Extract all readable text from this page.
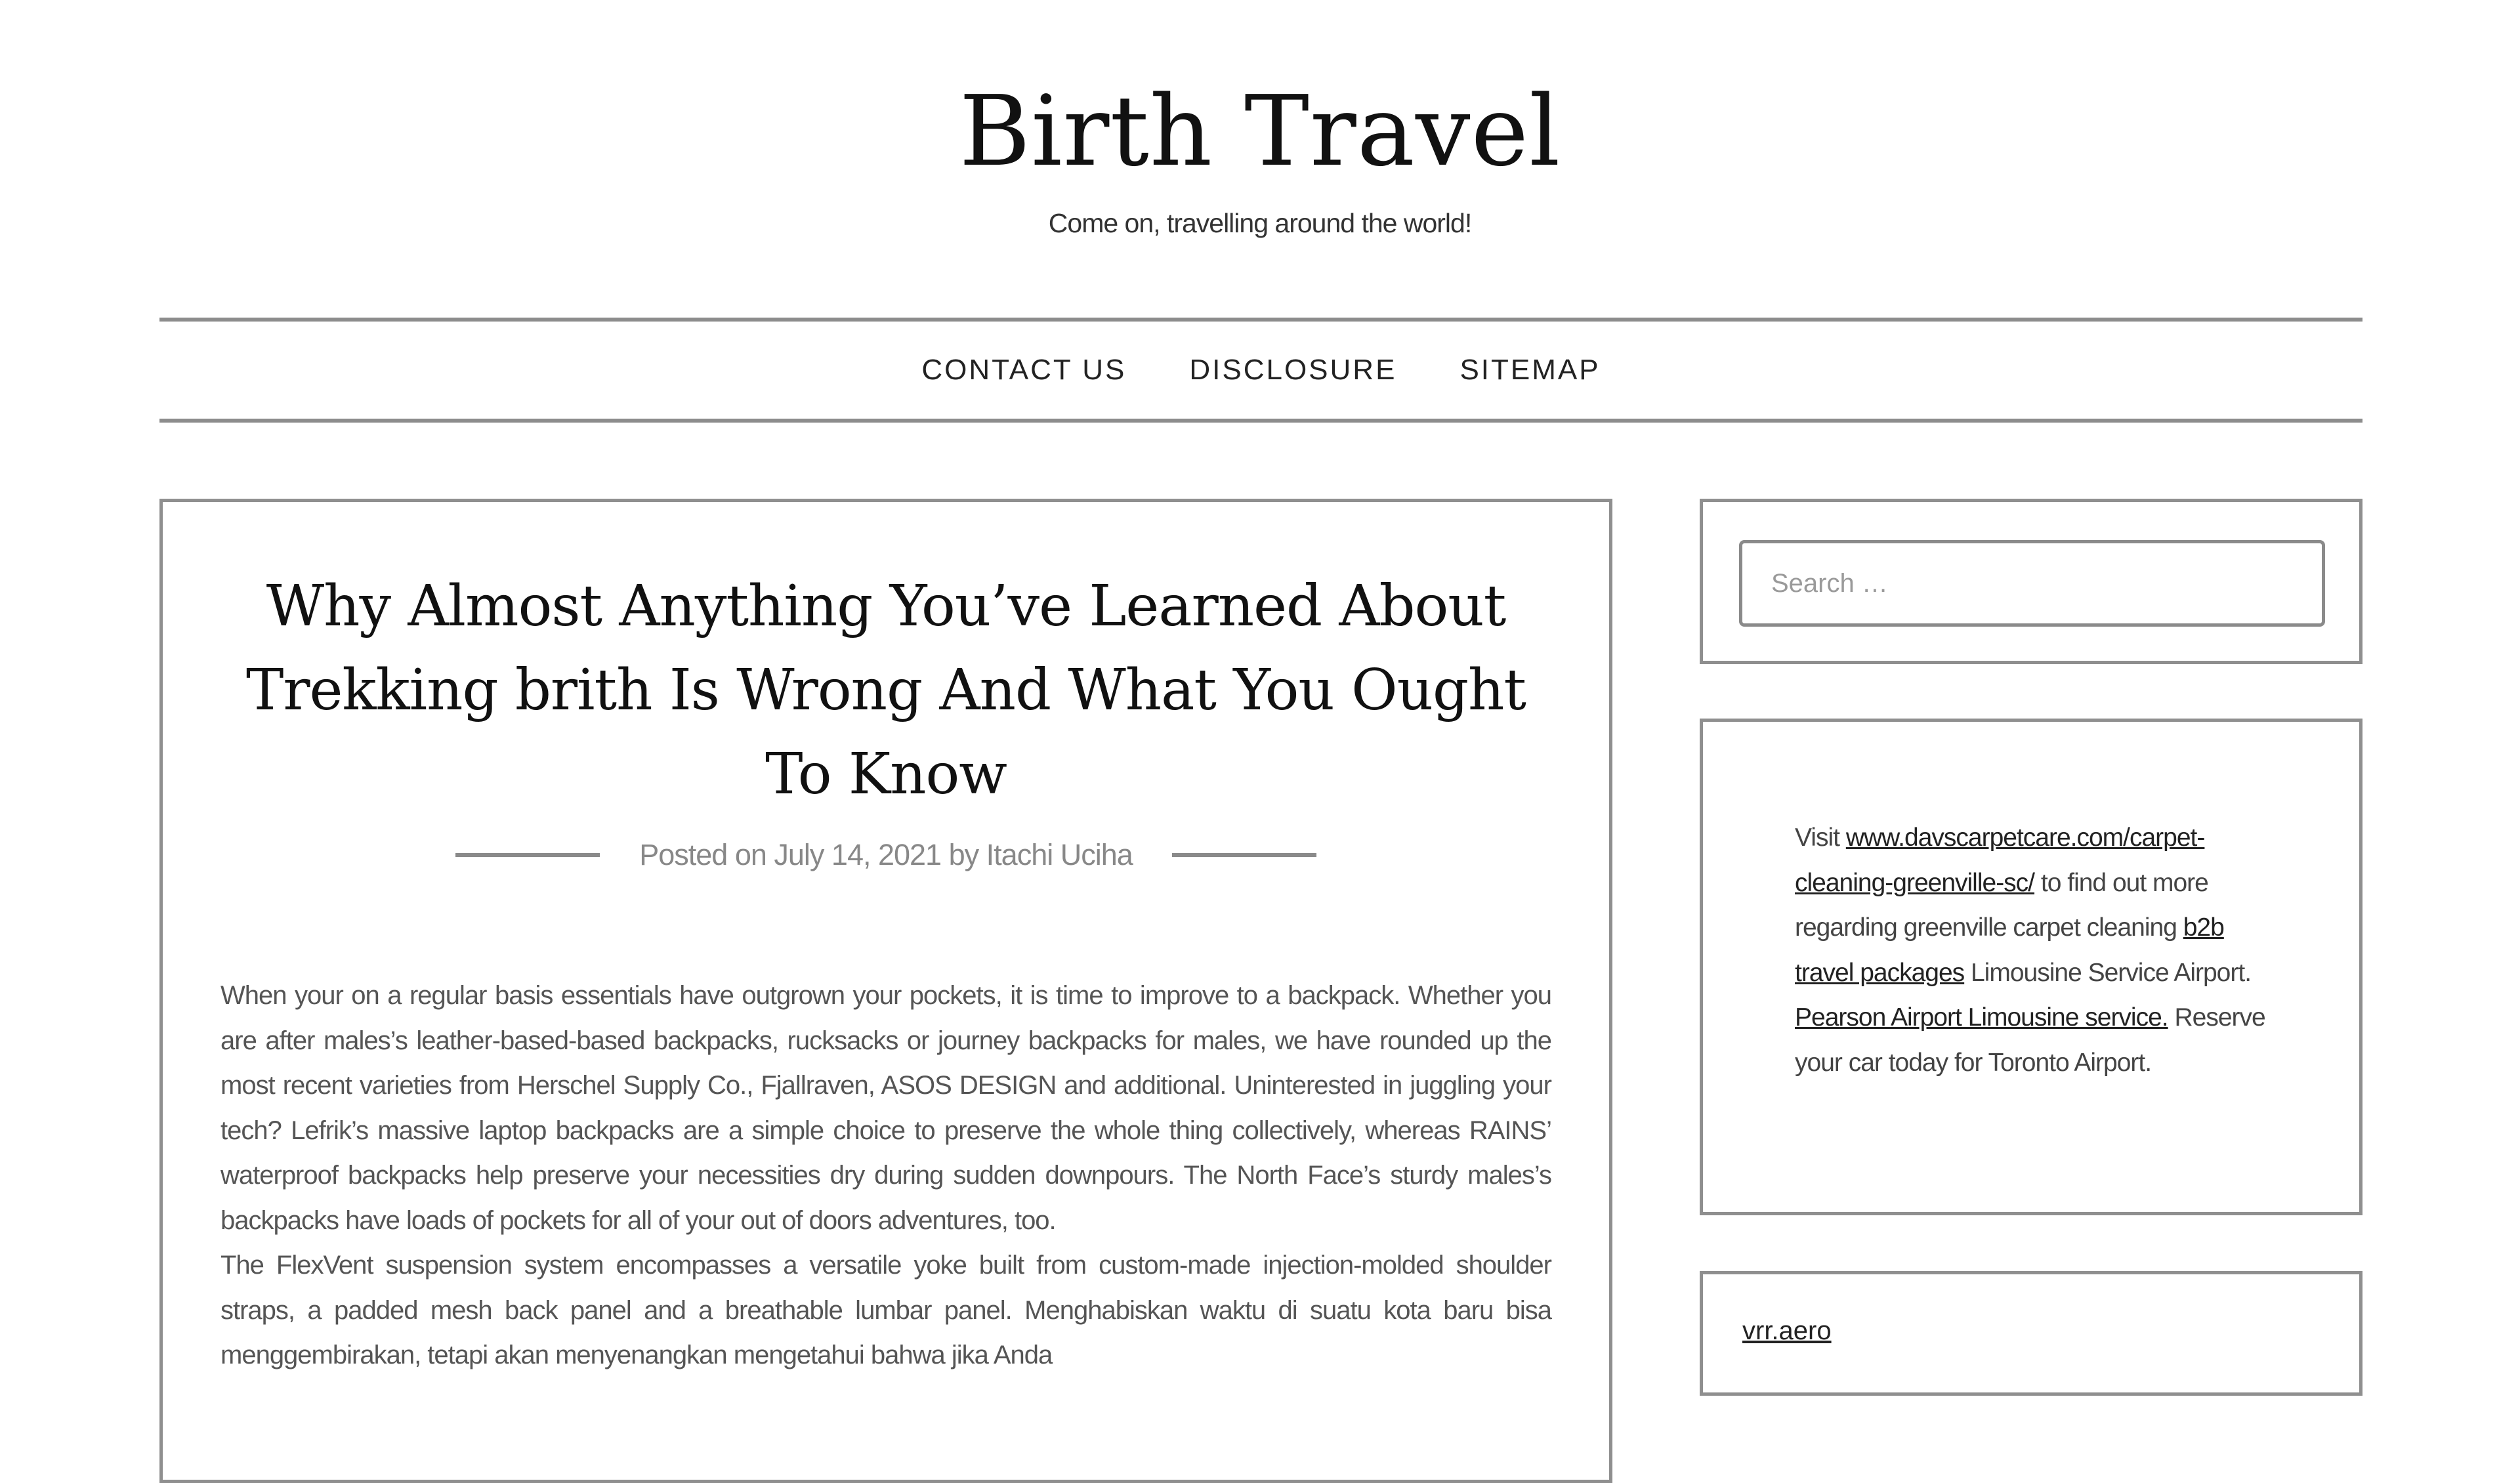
Birth Travel
Come on, travelling around the world!
CONTACT US DISCLOSURE SITEMAP
Why Almost Anything You’ve Learned About Trekking brith Is Wrong And What You Ought To Know
Posted on July 14, 2021 by Itachi Uciha

When your on a regular basis essentials have outgrown your pockets, it is time to improve to a backpack. Whether you are after males’s leather-based-based backpacks, rucksacks or journey backpacks for males, we have rounded up the most recent varieties from Herschel Supply Co., Fjallraven, ASOS DESIGN and additional. Uninterested in juggling your tech? Lefrik’s massive laptop backpacks are a simple choice to preserve the whole thing collectively, whereas RAINS’ waterproof backpacks help preserve your necessities dry during sudden downpours. The North Face’s sturdy males’s backpacks have loads of pockets for all of your out of doors adventures, too.

The FlexVent suspension system encompasses a versatile yoke built from custom-made injection-molded shoulder straps, a padded mesh back panel and a breathable lumbar panel. Menghabiskan waktu di suatu kota baru bisa menggembirakan, tetapi akan menyenangkan mengetahui bahwa jika Anda

Search …
Visit www.davscarpetcare.com/carpet-cleaning-greenville-sc/ to find out more regarding greenville carpet cleaning b2b travel packages Limousine Service Airport. Pearson Airport Limousine service. Reserve your car today for Toronto Airport.
vrr.aero
